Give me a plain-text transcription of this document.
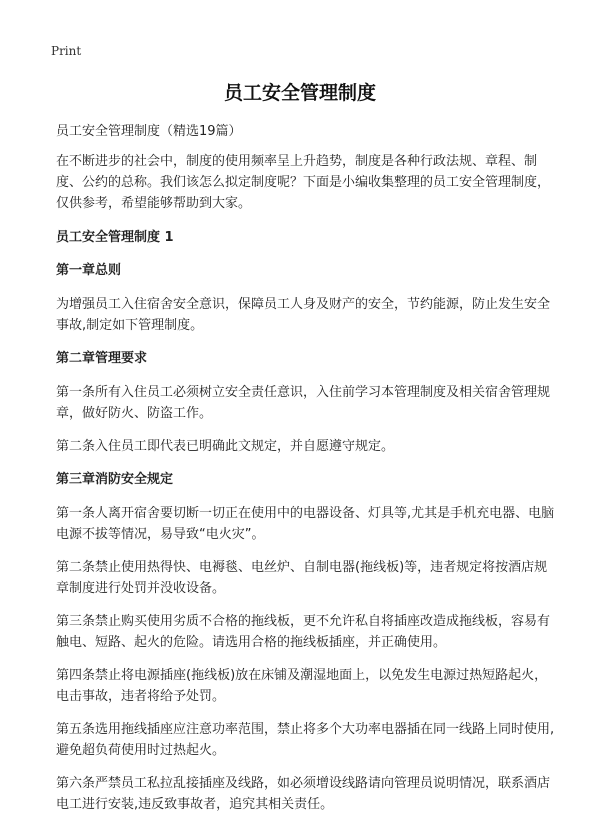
Print
员工安全管理制度

员工安全管理制度（精选19篇）

在不断进步的社会中，制度的使用频率呈上升趋势，制度是各种行政法规、章程、制度、公约的总称。我们该怎么拟定制度呢？下面是小编收集整理的员工安全管理制度，仅供参考，希望能够帮助到大家。

员工安全管理制度 1

第一章总则

为增强员工入住宿舍安全意识，保障员工人身及财产的安全，节约能源，防止发生安全事故,制定如下管理制度。

第二章管理要求

第一条所有入住员工必须树立安全责任意识，入住前学习本管理制度及相关宿舍管理规章，做好防火、防盗工作。

第二条入住员工即代表已明确此文规定，并自愿遵守规定。

第三章消防安全规定

第一条人离开宿舍要切断一切正在使用中的电器设备、灯具等,尤其是手机充电器、电脑电源不拔等情况，易导致“电火灾”。

第二条禁止使用热得快、电褥毯、电丝炉、自制电器(拖线板)等，违者规定将按酒店规章制度进行处罚并没收设备。

第三条禁止购买使用劣质不合格的拖线板，更不允许私自将插座改造成拖线板，容易有触电、短路、起火的危险。请选用合格的拖线板插座，并正确使用。

第四条禁止将电源插座(拖线板)放在床铺及潮湿地面上，以免发生电源过热短路起火，电击事故，违者将给予处罚。

第五条选用拖线插座应注意功率范围，禁止将多个大功率电器插在同一线路上同时使用,避免超负荷使用时过热起火。

第六条严禁员工私拉乱接插座及线路，如必须增设线路请向管理员说明情况，联系酒店电工进行安装,违反致事故者，追究其相关责任。
